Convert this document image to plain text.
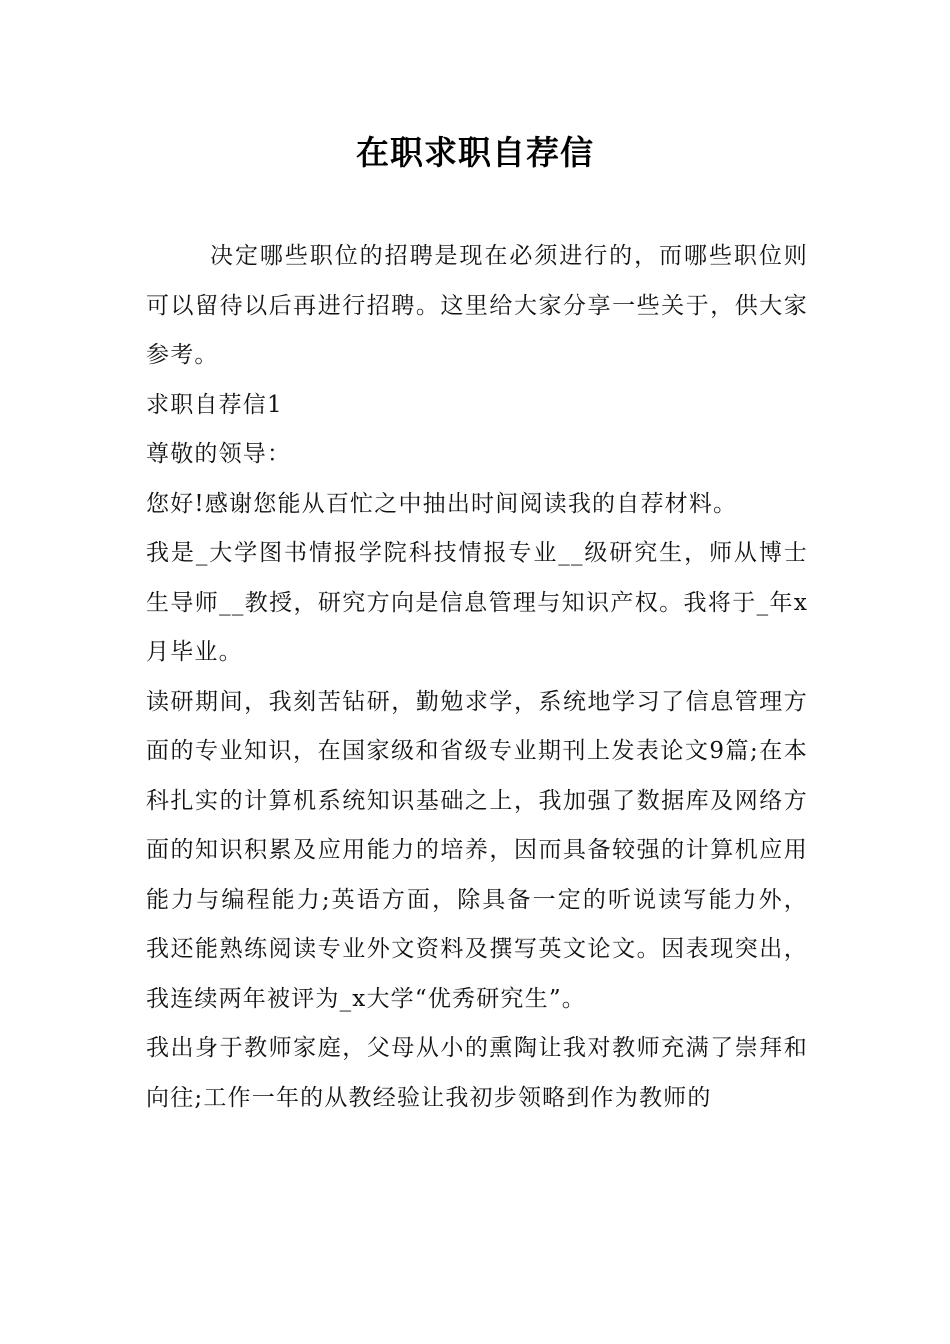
在职求职自荐信

决定哪些职位的招聘是现在必须进行的，而哪些职位则可以留待以后再进行招聘。这里给大家分享一些关于，供大家参考。

求职自荐信1

尊敬的领导：

您好!感谢您能从百忙之中抽出时间阅读我的自荐材料。

我是_大学图书情报学院科技情报专业__级研究生，师从博士生导师__教授，研究方向是信息管理与知识产权。我将于_年x月毕业。

读研期间，我刻苦钻研，勤勉求学，系统地学习了信息管理方面的专业知识，在国家级和省级专业期刊上发表论文9篇;在本科扎实的计算机系统知识基础之上，我加强了数据库及网络方面的知识积累及应用能力的培养，因而具备较强的计算机应用能力与编程能力;英语方面，除具备一定的听说读写能力外，我还能熟练阅读专业外文资料及撰写英文论文。因表现突出，我连续两年被评为_x大学“优秀研究生”。

我出身于教师家庭，父母从小的熏陶让我对教师充满了崇拜和向往;工作一年的从教经验让我初步领略到作为教师的
